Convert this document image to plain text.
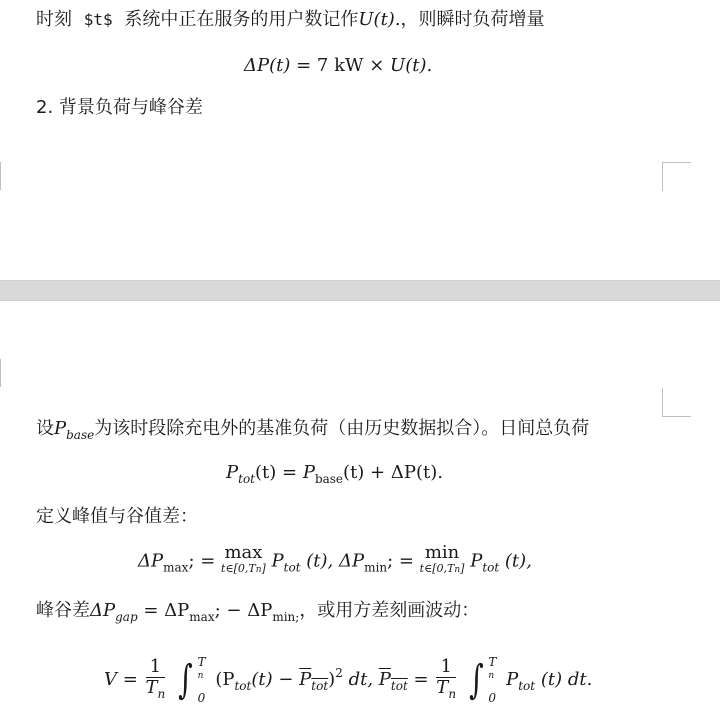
时刻 $t$ 系统中正在服务的用户数记作U(t).，则瞬时负荷增量
ΔP(t) = 7 kW × U(t).
2. 背景负荷与峰谷差
设$P_{base}$为该时段除充电外的基准负荷（由历史数据拟合）。日间总负荷
$P_{tot}(t) = P_{base}(t) + \Delta P(t)$.
定义峰值与谷值差：
$\Delta P_{max}$; = max
t∈[0,Tn] $P_{tot}$ (t), $\Delta P_{min}$; = min
t∈[0,Tn] $P_{tot}$ (t),
峰谷差$\Delta P_{gap} = \Delta P_{max}$; − $\Delta P_{min;}$，或用方差刻画波动：
$V = \frac{1}{T_n}$ ∫ T
n
0
$(P_{tot}(t) - P_{tot})^2$ dt, $P_{tot} = \frac{1}{T_n}$ ∫ T
n
0
$P_{tot}$ (t) dt.
